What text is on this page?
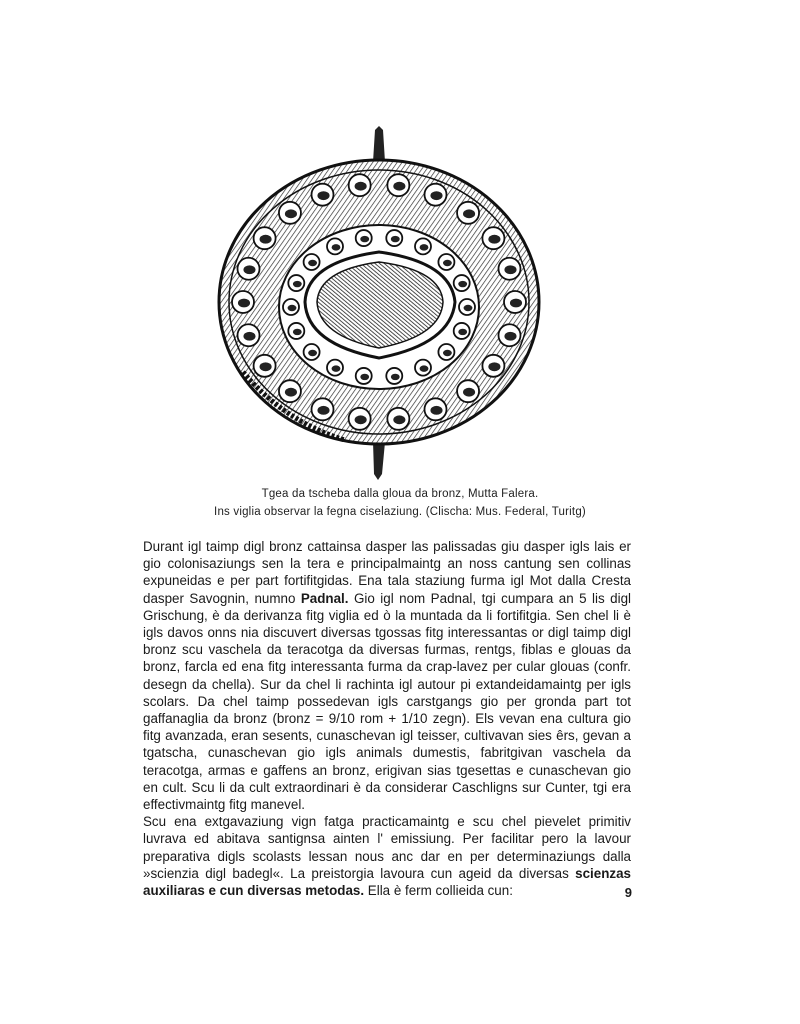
Tgea da tscheba dalla gloua da bronz, Mutta Falera.
Ins viglia observar la fegna ciselaziung. (Clischa: Mus. Federal, Turitg)

Durant igl taimp digl bronz cattainsa dasper las palissadas giu dasper igls lais er gio colonisaziungs sen la tera e principalmaintg an noss cantung sen collinas expuneidas e per part fortifitgidas. Ena tala staziung furma igl Mot dalla Cresta dasper Savognin, numno Padnal. Gio igl nom Padnal, tgi cumpara an 5 lis digl Grischung, è da derivanza fitg viglia ed ò la muntada da li fortifitgia. Sen chel li è igls davos onns nia discuvert diversas tgossas fitg interessantas or digl taimp digl bronz scu vaschela da teracotga da diversas furmas, rentgs, fiblas e glouas da bronz, farcla ed ena fitg interessanta furma da crap-lavez per cular glouas (confr. desegn da chella). Sur da chel li rachinta igl autour pi extandeidamaintg per igls scolars. Da chel taimp possedevan igls carstgangs gio per gronda part tot gaffanaglia da bronz (bronz = 9/10 rom + 1/10 zegn). Els vevan ena cultura gio fitg avanzada, eran sesents, cunaschevan igl teisser, cultivavan sies êrs, gevan a tgatscha, cunaschevan gio igls animals dumestis, fabritgivan vaschela da teracotga, armas e gaffens an bronz, erigivan sias tgesettas e cunaschevan gio en cult. Scu li da cult extraordinari è da considerar Caschligns sur Cunter, tgi era effectivmaintg fitg manevel.

Scu ena extgavaziung vign fatga practicamaintg e scu chel pievelet primitiv luvrava ed abitava santignsa ainten l' emissiung. Per facilitar pero la lavour preparativa digls scolasts lessan nous anc dar en per determinaziungs dalla »scienzia digl badegl«. La preistorgia lavoura cun ageid da diversas scienzas auxiliaras e cun diversas metodas. Ella è ferm collieida cun:	9
